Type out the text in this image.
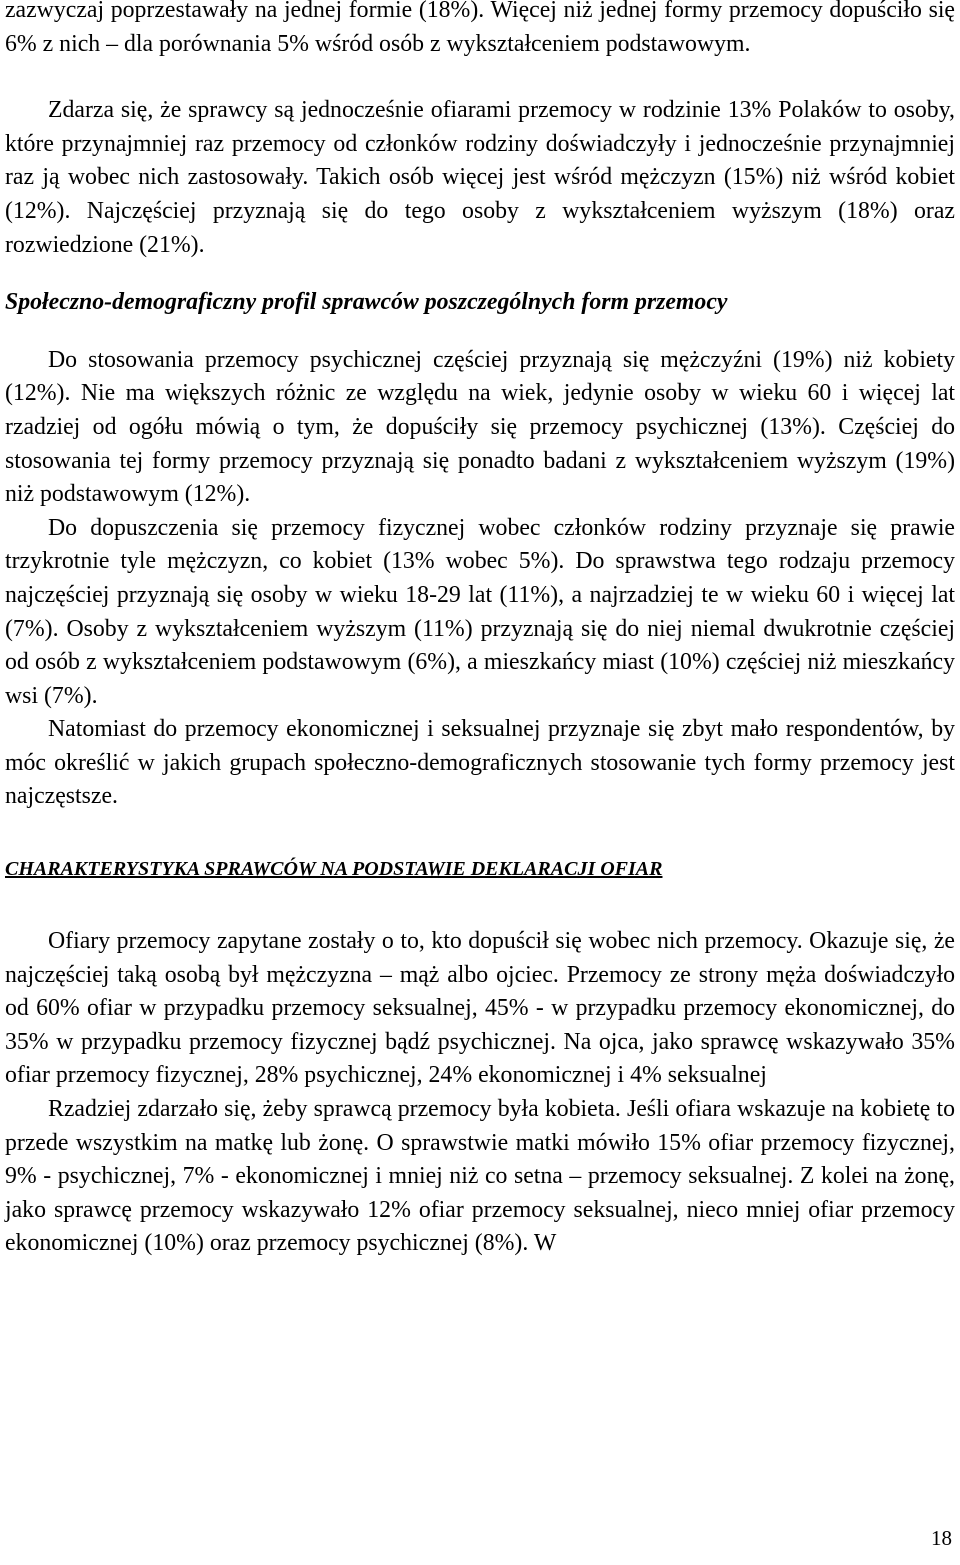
zazwyczaj poprzestawały na jednej formie (18%). Więcej niż jednej formy przemocy dopuściło się 6% z nich – dla porównania 5% wśród osób z wykształceniem podstawowym.

Zdarza się, że sprawcy są jednocześnie ofiarami przemocy w rodzinie 13% Polaków to osoby, które przynajmniej raz przemocy od członków rodziny doświadczyły i jednocześnie przynajmniej raz ją wobec nich zastosowały. Takich osób więcej jest wśród mężczyzn (15%) niż wśród kobiet (12%). Najczęściej przyznają się do tego osoby z wykształceniem wyższym (18%) oraz rozwiedzione (21%).

Społeczno-demograficzny profil sprawców poszczególnych form przemocy

Do stosowania przemocy psychicznej częściej przyznają się mężczyźni (19%) niż kobiety (12%). Nie ma większych różnic ze względu na wiek, jedynie osoby w wieku 60 i więcej lat rzadziej od ogółu mówią o tym, że dopuściły się przemocy psychicznej (13%). Częściej do stosowania tej formy przemocy przyznają się ponadto badani z wykształceniem wyższym (19%) niż podstawowym (12%).

Do dopuszczenia się przemocy fizycznej wobec członków rodziny przyznaje się prawie trzykrotnie tyle mężczyzn, co kobiet (13% wobec 5%). Do sprawstwa tego rodzaju przemocy najczęściej przyznają się osoby w wieku 18-29 lat (11%), a najrzadziej te w wieku 60 i więcej lat (7%). Osoby z wykształceniem wyższym (11%) przyznają się do niej niemal dwukrotnie częściej od osób z wykształceniem podstawowym (6%), a mieszkańcy miast (10%) częściej niż mieszkańcy wsi (7%).

Natomiast do przemocy ekonomicznej i seksualnej przyznaje się zbyt mało respondentów, by móc określić w jakich grupach społeczno-demograficznych stosowanie tych formy przemocy jest najczęstsze.

CHARAKTERYSTYKA SPRAWCÓW NA PODSTAWIE DEKLARACJI OFIAR

Ofiary przemocy zapytane zostały o to, kto dopuścił się wobec nich przemocy. Okazuje się, że najczęściej taką osobą był mężczyzna – mąż albo ojciec. Przemocy ze strony męża doświadczyło od 60% ofiar w przypadku przemocy seksualnej, 45% - w przypadku przemocy ekonomicznej, do 35% w przypadku przemocy fizycznej bądź psychicznej. Na ojca, jako sprawcę wskazywało 35% ofiar przemocy fizycznej, 28% psychicznej, 24% ekonomicznej i 4% seksualnej

Rzadziej zdarzało się, żeby sprawcą przemocy była kobieta. Jeśli ofiara wskazuje na kobietę to przede wszystkim na matkę lub żonę. O sprawstwie matki mówiło 15% ofiar przemocy fizycznej, 9% - psychicznej, 7% - ekonomicznej i mniej niż co setna – przemocy seksualnej. Z kolei na żonę, jako sprawcę przemocy wskazywało 12% ofiar przemocy seksualnej, nieco mniej ofiar przemocy ekonomicznej (10%) oraz przemocy psychicznej (8%). W

18
